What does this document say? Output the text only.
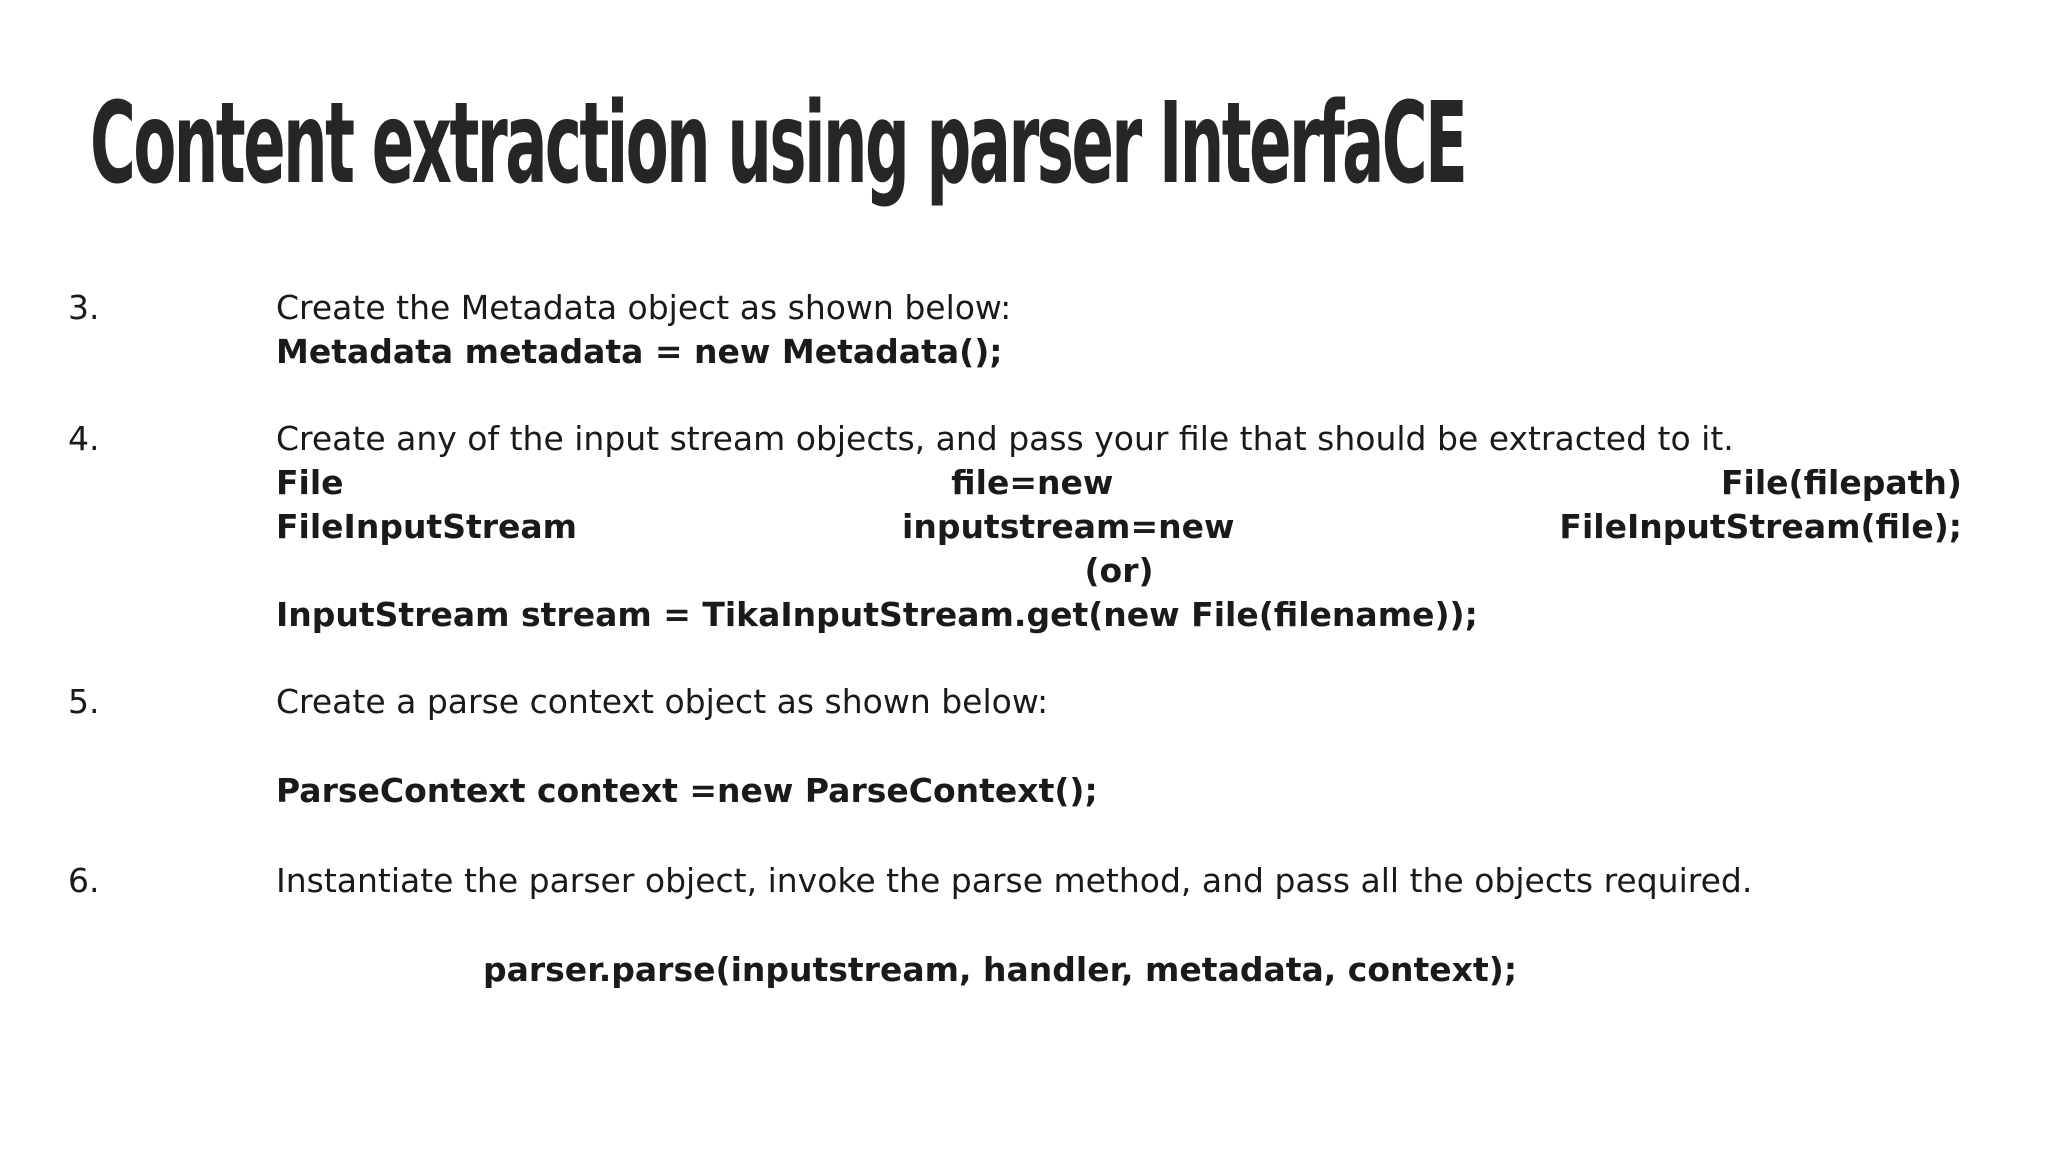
Content extraction using parser InterfaCE
3.	Create the Metadata object as shown below:
Metadata metadata = new Metadata();
4.	Create any of the input stream objects, and pass your file that should be extracted to it.
File	file=new	File(filepath)
FileInputStream	inputstream=new	FileInputStream(file);
(or)
InputStream stream = TikaInputStream.get(new File(filename));
5.	Create a parse context object as shown below:
ParseContext context =new ParseContext();
6.	Instantiate the parser object, invoke the parse method, and pass all the objects required.
parser.parse(inputstream, handler, metadata, context);
